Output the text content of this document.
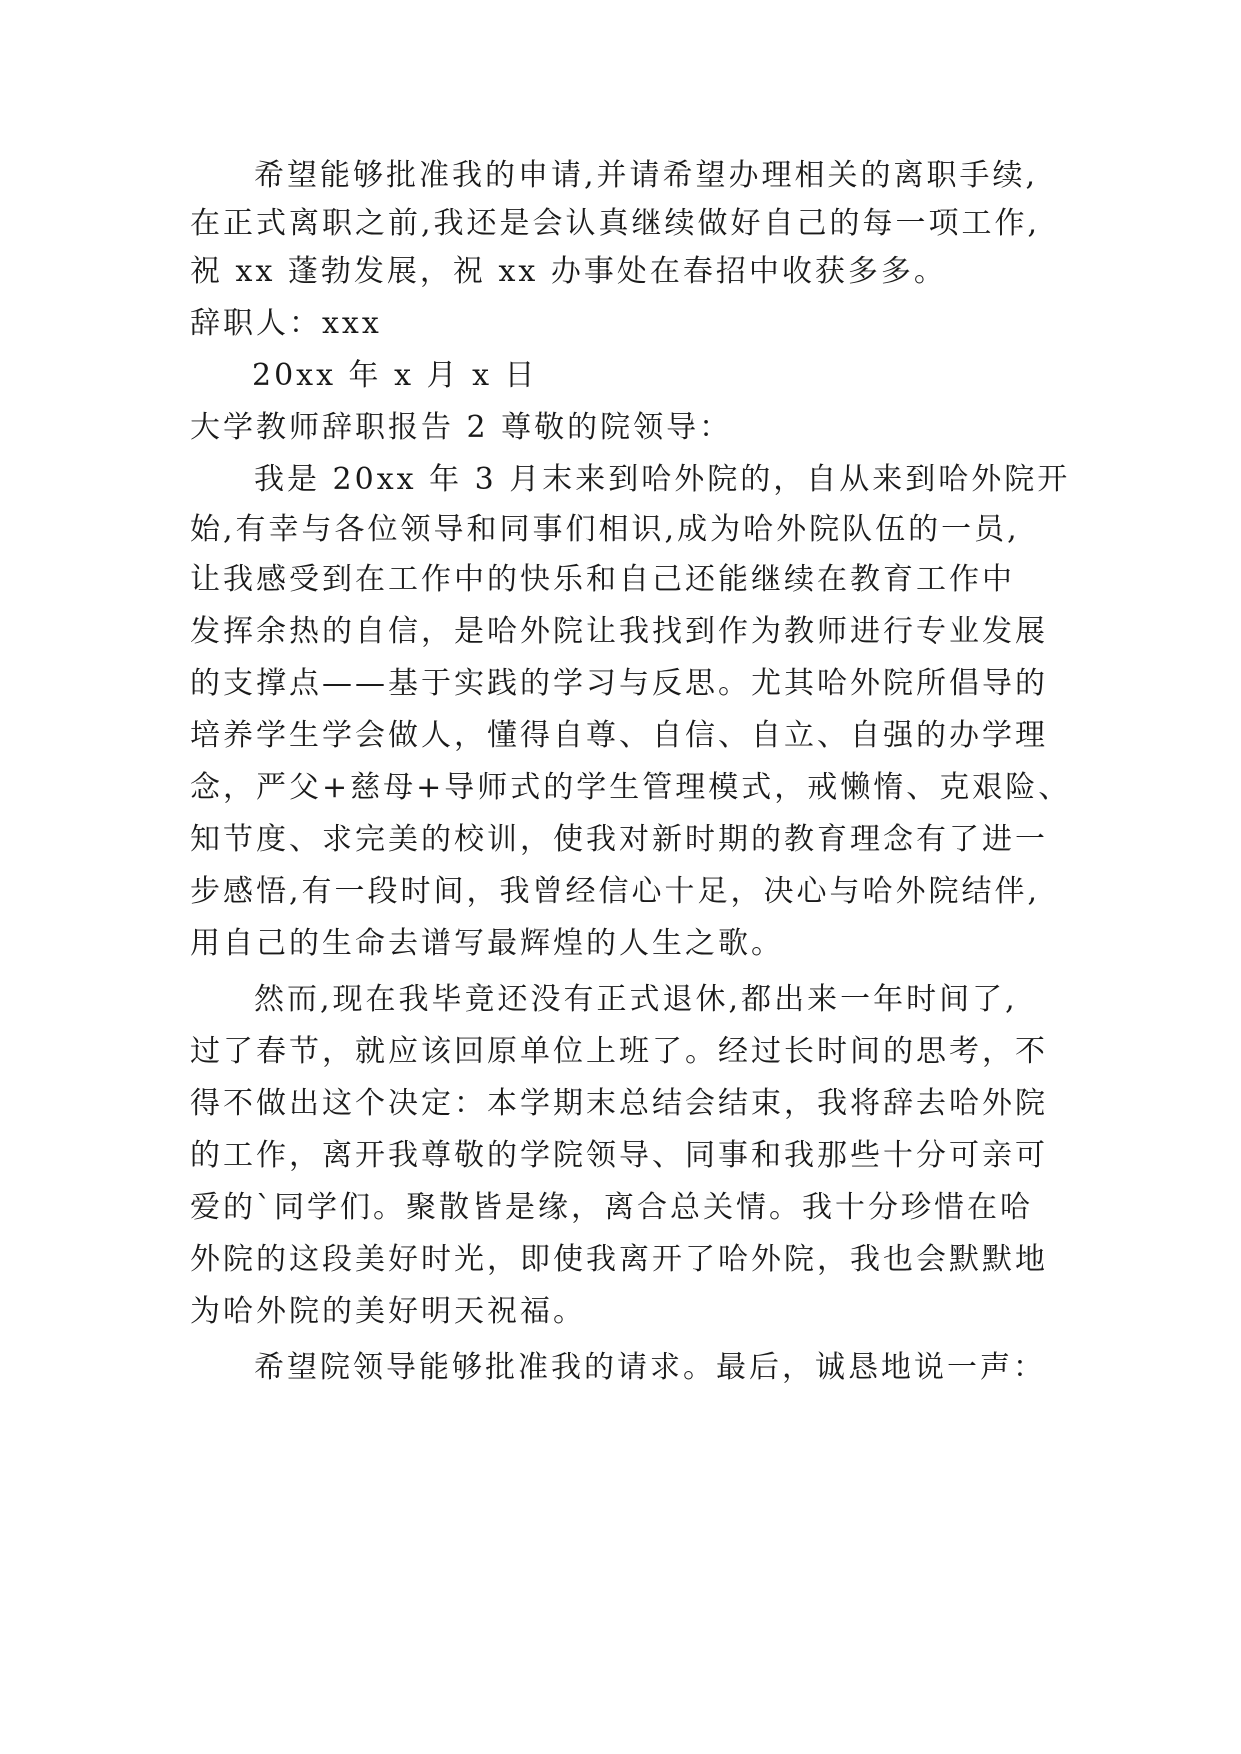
希望能够批准我的申请,并请希望办理相关的离职手续,
在正式离职之前,我还是会认真继续做好自己的每一项工作,
祝 xx 蓬勃发展，祝 xx 办事处在春招中收获多多。
辞职人：xxx
20xx 年 x 月 x 日
大学教师辞职报告 2 尊敬的院领导：
我是 20xx 年 3 月末来到哈外院的，自从来到哈外院开
始,有幸与各位领导和同事们相识,成为哈外院队伍的一员,
让我感受到在工作中的快乐和自己还能继续在教育工作中
发挥余热的自信，是哈外院让我找到作为教师进行专业发展
的支撑点——基于实践的学习与反思。尤其哈外院所倡导的
培养学生学会做人，懂得自尊、自信、自立、自强的办学理
念，严父+慈母+导师式的学生管理模式，戒懒惰、克艰险、
知节度、求完美的校训，使我对新时期的教育理念有了进一
步感悟,有一段时间，我曾经信心十足，决心与哈外院结伴,
用自己的生命去谱写最辉煌的人生之歌。
然而,现在我毕竟还没有正式退休,都出来一年时间了,
过了春节，就应该回原单位上班了。经过长时间的思考，不
得不做出这个决定：本学期末总结会结束，我将辞去哈外院
的工作，离开我尊敬的学院领导、同事和我那些十分可亲可
爱的`同学们。聚散皆是缘，离合总关情。我十分珍惜在哈
外院的这段美好时光，即使我离开了哈外院，我也会默默地
为哈外院的美好明天祝福。
希望院领导能够批准我的请求。最后，诚恳地说一声：
